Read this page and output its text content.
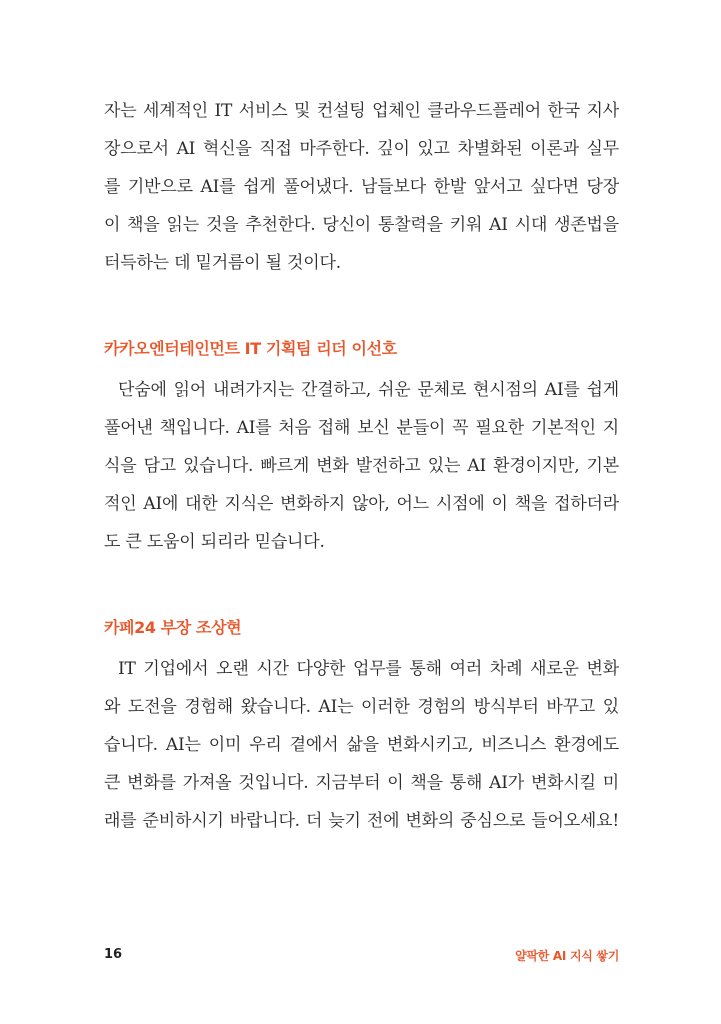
자는 세계적인 IT 서비스 및 컨설팅 업체인 클라우드플레어 한국 지사
장으로서 AI 혁신을 직접 마주한다. 깊이 있고 차별화된 이론과 실무
를 기반으로 AI를 쉽게 풀어냈다. 남들보다 한발 앞서고 싶다면 당장
이 책을 읽는 것을 추천한다. 당신이 통찰력을 키워 AI 시대 생존법을
터득하는 데 밑거름이 될 것이다.
카카오엔터테인먼트 IT 기획팀 리더 이선호
단숨에 읽어 내려가지는 간결하고, 쉬운 문체로 현시점의 AI를 쉽게
풀어낸 책입니다. AI를 처음 접해 보신 분들이 꼭 필요한 기본적인 지
식을 담고 있습니다. 빠르게 변화 발전하고 있는 AI 환경이지만, 기본
적인 AI에 대한 지식은 변화하지 않아, 어느 시점에 이 책을 접하더라
도 큰 도움이 되리라 믿습니다.
카페24 부장 조상현
IT 기업에서 오랜 시간 다양한 업무를 통해 여러 차례 새로운 변화
와 도전을 경험해 왔습니다. AI는 이러한 경험의 방식부터 바꾸고 있
습니다. AI는 이미 우리 곁에서 삶을 변화시키고, 비즈니스 환경에도
큰 변화를 가져올 것입니다. 지금부터 이 책을 통해 AI가 변화시킬 미
래를 준비하시기 바랍니다. 더 늦기 전에 변화의 중심으로 들어오세요!
16	얄팍한 AI 지식 쌓기
